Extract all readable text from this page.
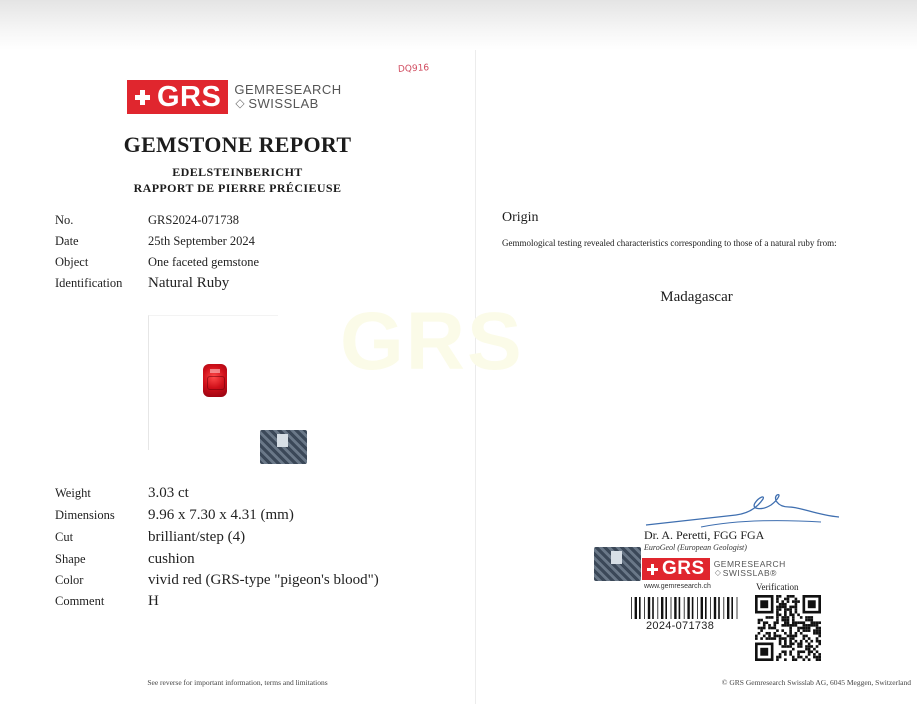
DQ916
GRS GEMRESEARCH
◇ SWISSLAB
GEMSTONE REPORT
EDELSTEINBERICHT
RAPPORT DE PIERRE PRÉCIEUSE
No.	GRS2024-071738
Date	25th September 2024
Object	One faceted gemstone
Identification	Natural Ruby
Weight	3.03 ct
Dimensions	9.96 x 7.30 x 4.31 (mm)
Cut	brilliant/step (4)
Shape	cushion
Color	vivid red (GRS-type "pigeon's blood")
Comment	H
See reverse for important information, terms and limitations
GRS
Origin
Gemmological testing revealed characteristics corresponding to those of a natural ruby from:
Madagascar
Dr. A. Peretti, FGG FGA
EuroGeol (European Geologist)
GRS GEMRESEARCH
◇ SWISSLAB®
www.gemresearch.ch	Verification
2024-071738
© GRS Gemresearch Swisslab AG, 6045 Meggen, Switzerland
